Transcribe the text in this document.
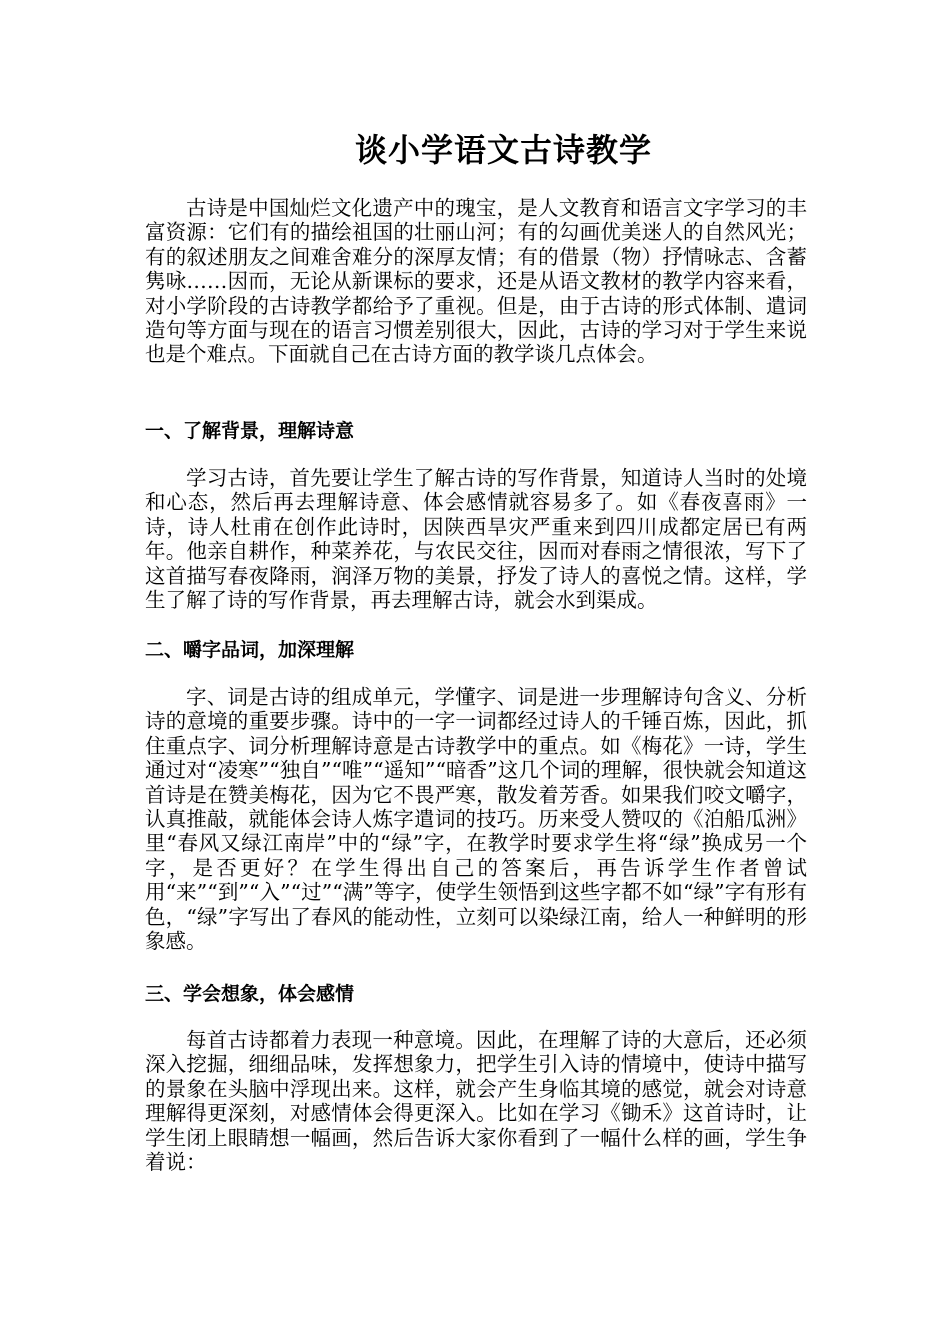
谈小学语文古诗教学

古诗是中国灿烂文化遗产中的瑰宝，是人文教育和语言文字学习的丰富资源：它们有的描绘祖国的壮丽山河；有的勾画优美迷人的自然风光；有的叙述朋友之间难舍难分的深厚友情；有的借景（物）抒情咏志、含蓄隽咏……因而，无论从新课标的要求，还是从语文教材的教学内容来看，对小学阶段的古诗教学都给予了重视。但是，由于古诗的形式体制、遣词造句等方面与现在的语言习惯差别很大，因此，古诗的学习对于学生来说也是个难点。下面就自己在古诗方面的教学谈几点体会。

一、了解背景，理解诗意

学习古诗，首先要让学生了解古诗的写作背景，知道诗人当时的处境和心态，然后再去理解诗意、体会感情就容易多了。如《春夜喜雨》一诗，诗人杜甫在创作此诗时，因陕西旱灾严重来到四川成都定居已有两年。他亲自耕作，种菜养花，与农民交往，因而对春雨之情很浓，写下了这首描写春夜降雨，润泽万物的美景，抒发了诗人的喜悦之情。这样，学生了解了诗的写作背景，再去理解古诗，就会水到渠成。

二、嚼字品词，加深理解

字、词是古诗的组成单元，学懂字、词是进一步理解诗句含义、分析诗的意境的重要步骤。诗中的一字一词都经过诗人的千锤百炼，因此，抓住重点字、词分析理解诗意是古诗教学中的重点。如《梅花》一诗，学生通过对“凌寒”“独自”“唯”“遥知”“暗香”这几个词的理解，很快就会知道这首诗是在赞美梅花，因为它不畏严寒，散发着芳香。如果我们咬文嚼字，认真推敲，就能体会诗人炼字遣词的技巧。历来受人赞叹的《泊船瓜洲》里“春风又绿江南岸”中的“绿”字，在教学时要求学生将“绿”换成另一个字，是否更好？在学生得出自己的答案后，再告诉学生作者曾试用“来”“到”“入”“过”“满”等字，使学生领悟到这些字都不如“绿”字有形有色，“绿”字写出了春风的能动性，立刻可以染绿江南，给人一种鲜明的形象感。

三、学会想象，体会感情

每首古诗都着力表现一种意境。因此，在理解了诗的大意后，还必须深入挖掘，细细品味，发挥想象力，把学生引入诗的情境中，使诗中描写的景象在头脑中浮现出来。这样，就会产生身临其境的感觉，就会对诗意理解得更深刻，对感情体会得更深入。比如在学习《锄禾》这首诗时，让学生闭上眼睛想一幅画，然后告诉大家你看到了一幅什么样的画，学生争着说：
